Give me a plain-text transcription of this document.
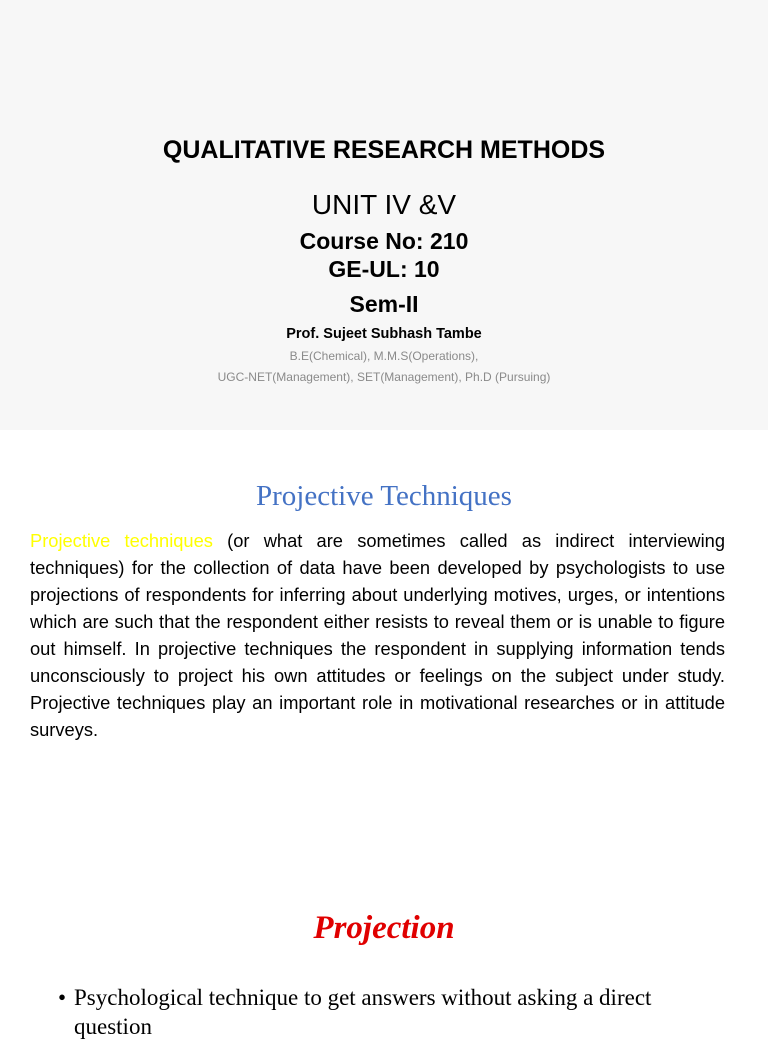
QUALITATIVE RESEARCH METHODS
UNIT IV &V
Course No: 210
GE-UL: 10
Sem-II
Prof. Sujeet Subhash Tambe
B.E(Chemical), M.M.S(Operations),
UGC-NET(Management), SET(Management), Ph.D (Pursuing)
Projective Techniques
Projective techniques (or what are sometimes called as indirect interviewing techniques) for the collection of data have been developed by psychologists to use projections of respondents for inferring about underlying motives, urges, or intentions which are such that the respondent either resists to reveal them or is unable to figure out himself. In projective techniques the respondent in supplying information tends unconsciously to project his own attitudes or feelings on the subject under study. Projective techniques play an important role in motivational researches or in attitude surveys.
Projection
• Psychological technique to get answers without asking a direct question
